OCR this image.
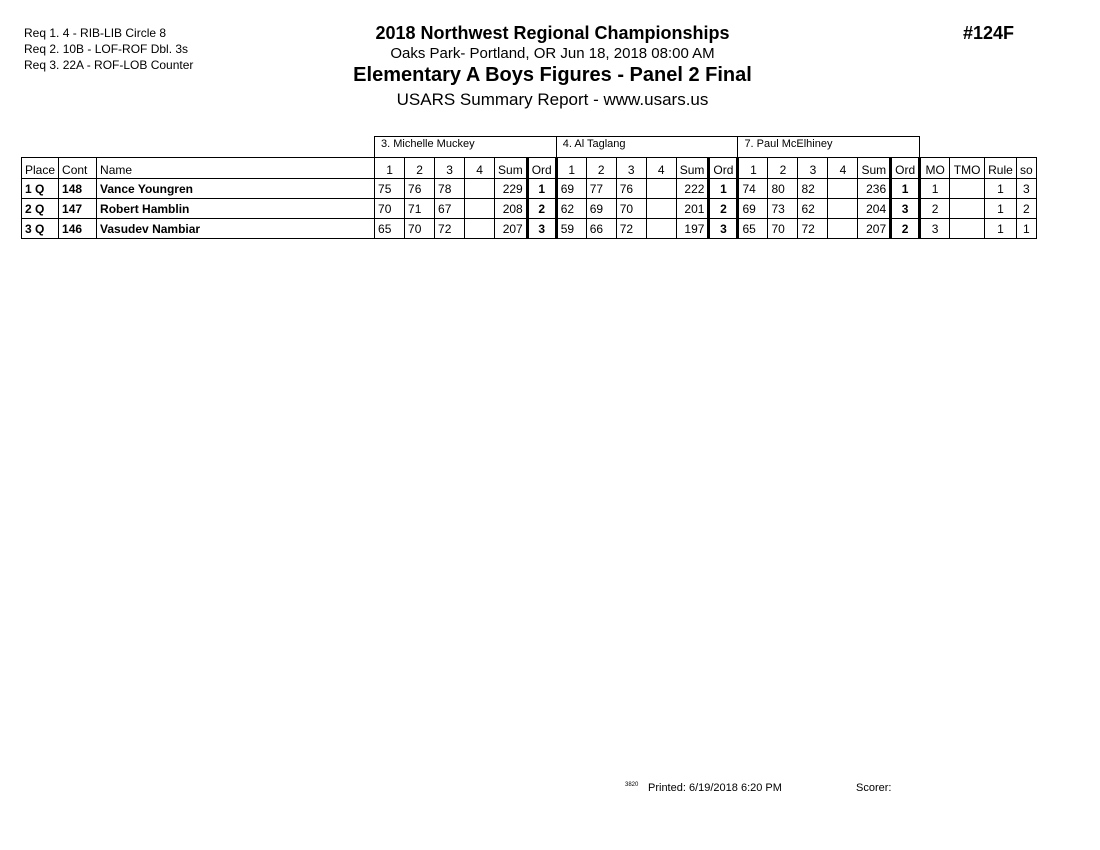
Req 1. 4 - RIB-LIB Circle 8
Req 2. 10B - LOF-ROF Dbl. 3s
Req 3. 22A - ROF-LOB Counter
2018 Northwest Regional Championships
Oaks Park- Portland, OR Jun 18, 2018 08:00 AM
Elementary A Boys Figures - Panel 2 Final
USARS Summary Report - www.usars.us
#124F
			3. Michelle Muckey						4. Al Taglang						7. Paul McElhiney									
Place	Cont	Name	1	2	3	4	Sum	Ord	1	2	3	4	Sum	Ord	1	2	3	4	Sum	Ord	MO	TMO	Rule	so
1 Q	148	Vance Youngren	75	76	78		229	1	69	77	76		222	1	74	80	82		236	1	1		1	3
2 Q	147	Robert Hamblin	70	71	67		208	2	62	69	70		201	2	69	73	62		204	3	2		1	2
3 Q	146	Vasudev Nambiar	65	70	72		207	3	59	66	72		197	3	65	70	72		207	2	3		1	1
3820 Printed: 6/19/2018 6:20 PM	Scorer:
